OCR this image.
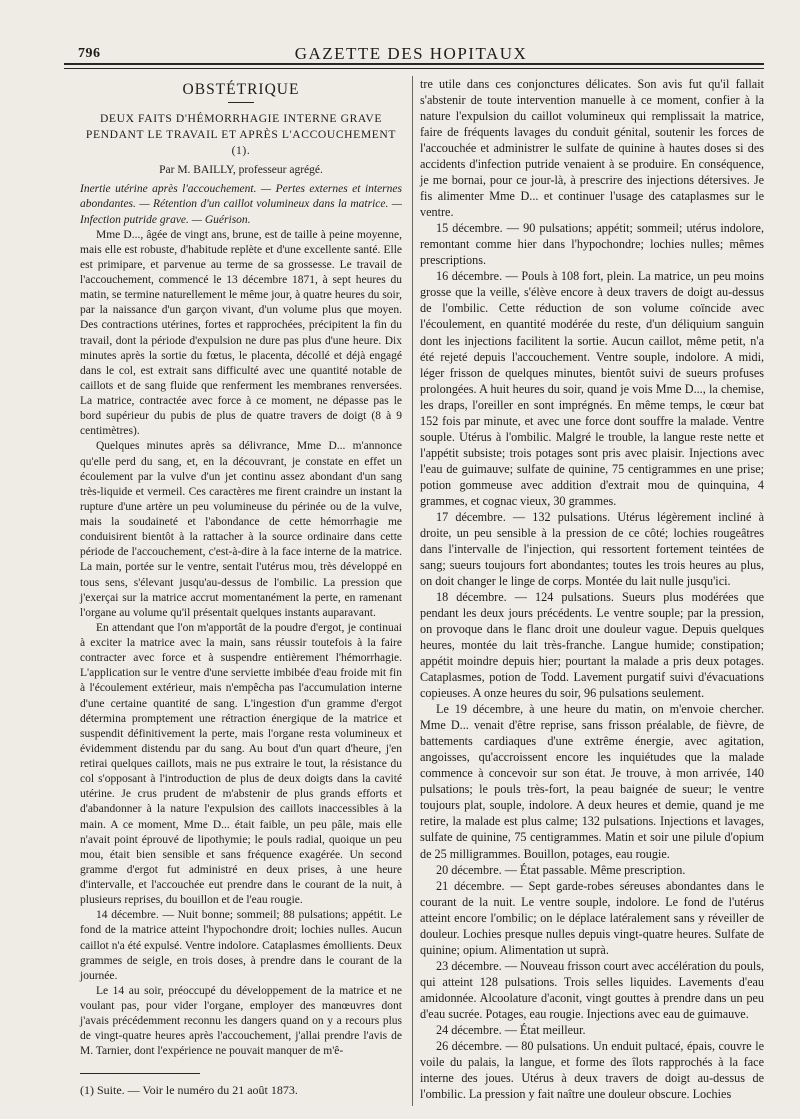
796	GAZETTE DES HOPITAUX
OBSTÉTRIQUE
DEUX FAITS D'HÉMORRHAGIE INTERNE GRAVE PENDANT LE TRAVAIL ET APRÈS L'ACCOUCHEMENT (1).
Par M. BAILLY, professeur agrégé.

Inertie utérine après l'accouchement. — Pertes externes et internes abondantes. — Rétention d'un caillot volumineux dans la matrice. — Infection putride grave. — Guérison.

Mme D..., âgée de vingt ans, brune, est de taille à peine moyenne, mais elle est robuste, d'habitude replète et d'une excellente santé. Elle est primipare, et parvenue au terme de sa grossesse. Le travail de l'accouchement, commencé le 13 décembre 1871, à sept heures du matin, se termine naturellement le même jour, à quatre heures du soir, par la naissance d'un garçon vivant, d'un volume plus que moyen. Des contractions utérines, fortes et rapprochées, précipitent la fin du travail, dont la période d'expulsion ne dure pas plus d'une heure. Dix minutes après la sortie du fœtus, le placenta, décollé et déjà engagé dans le col, est extrait sans difficulté avec une quantité notable de caillots et de sang fluide que renferment les membranes renversées. La matrice, contractée avec force à ce moment, ne dépasse pas le bord supérieur du pubis de plus de quatre travers de doigt (8 à 9 centimètres).

Quelques minutes après sa délivrance, Mme D... m'annonce qu'elle perd du sang, et, en la découvrant, je constate en effet un écoulement par la vulve d'un jet continu assez abondant d'un sang très-liquide et vermeil. Ces caractères me firent craindre un instant la rupture d'une artère un peu volumineuse du périnée ou de la vulve, mais la soudaineté et l'abondance de cette hémorrhagie me conduisirent bientôt à la rattacher à la source ordinaire dans cette période de l'accouchement, c'est-à-dire à la face interne de la matrice. La main, portée sur le ventre, sentait l'utérus mou, très développé en tous sens, s'élevant jusqu'au-dessus de l'ombilic. La pression que j'exerçai sur la matrice accrut momentanément la perte, en ramenant l'organe au volume qu'il présentait quelques instants auparavant.

En attendant que l'on m'apportât de la poudre d'ergot, je continuai à exciter la matrice avec la main, sans réussir toutefois à la faire contracter avec force et à suspendre entièrement l'hémorrhagie. L'application sur le ventre d'une serviette imbibée d'eau froide mit fin à l'écoulement extérieur, mais n'empêcha pas l'accumulation interne d'une certaine quantité de sang. L'ingestion d'un gramme d'ergot détermina promptement une rétraction énergique de la matrice et suspendit définitivement la perte, mais l'organe resta volumineux et évidemment distendu par du sang. Au bout d'un quart d'heure, j'en retirai quelques caillots, mais ne pus extraire le tout, la résistance du col s'opposant à l'introduction de plus de deux doigts dans la cavité utérine. Je crus prudent de m'abstenir de plus grands efforts et d'abandonner à la nature l'expulsion des caillots inaccessibles à la main. A ce moment, Mme D... était faible, un peu pâle, mais elle n'avait point éprouvé de lipothymie; le pouls radial, quoique un peu mou, était bien sensible et sans fréquence exagérée. Un second gramme d'ergot fut administré en deux prises, à une heure d'intervalle, et l'accouchée eut prendre dans le courant de la nuit, à plusieurs reprises, du bouillon et de l'eau rougie.

14 décembre. — Nuit bonne; sommeil; 88 pulsations; appétit. Le fond de la matrice atteint l'hypochondre droit; lochies nulles. Aucun caillot n'a été expulsé. Ventre indolore. Cataplasmes émollients. Deux grammes de seigle, en trois doses, à prendre dans le courant de la journée.

Le 14 au soir, préoccupé du développement de la matrice et ne voulant pas, pour vider l'organe, employer des manœuvres dont j'avais précédemment reconnu les dangers quand on y a recours plus de vingt-quatre heures après l'accouchement, j'allai prendre l'avis de M. Tarnier, dont l'expérience ne pouvait manquer de m'ê-

(1) Suite. — Voir le numéro du 21 août 1873.

tre utile dans ces conjonctures délicates. Son avis fut qu'il fallait s'abstenir de toute intervention manuelle à ce moment, confier à la nature l'expulsion du caillot volumineux qui remplissait la matrice, faire de fréquents lavages du conduit génital, soutenir les forces de l'accouchée et administrer le sulfate de quinine à hautes doses si des accidents d'infection putride venaient à se produire. En conséquence, je me bornai, pour ce jour-là, à prescrire des injections détersives. Je fis alimenter Mme D... et continuer l'usage des cataplasmes sur le ventre.

15 décembre. — 90 pulsations; appétit; sommeil; utérus indolore, remontant comme hier dans l'hypochondre; lochies nulles; mêmes prescriptions.

16 décembre. — Pouls à 108 fort, plein. La matrice, un peu moins grosse que la veille, s'élève encore à deux travers de doigt au-dessus de l'ombilic. Cette réduction de son volume coïncide avec l'écoulement, en quantité modérée du reste, d'un déliquium sanguin dont les injections facilitent la sortie. Aucun caillot, même petit, n'a été rejeté depuis l'accouchement. Ventre souple, indolore. A midi, léger frisson de quelques minutes, bientôt suivi de sueurs profuses prolongées. A huit heures du soir, quand je vois Mme D..., la chemise, les draps, l'oreiller en sont imprégnés. En même temps, le cœur bat 152 fois par minute, et avec une force dont souffre la malade. Ventre souple. Utérus à l'ombilic. Malgré le trouble, la langue reste nette et l'appétit subsiste; trois potages sont pris avec plaisir. Injections avec l'eau de guimauve; sulfate de quinine, 75 centigrammes en une prise; potion gommeuse avec addition d'extrait mou de quinquina, 4 grammes, et cognac vieux, 30 grammes.

17 décembre. — 132 pulsations. Utérus légèrement incliné à droite, un peu sensible à la pression de ce côté; lochies rougeâtres dans l'intervalle de l'injection, qui ressortent fortement teintées de sang; sueurs toujours fort abondantes; toutes les trois heures au plus, on doit changer le linge de corps. Montée du lait nulle jusqu'ici.

18 décembre. — 124 pulsations. Sueurs plus modérées que pendant les deux jours précédents. Le ventre souple; par la pression, on provoque dans le flanc droit une douleur vague. Depuis quelques heures, montée du lait très-franche. Langue humide; constipation; appétit moindre depuis hier; pourtant la malade a pris deux potages. Cataplasmes, potion de Todd. Lavement purgatif suivi d'évacuations copieuses. A onze heures du soir, 96 pulsations seulement.

Le 19 décembre, à une heure du matin, on m'envoie chercher. Mme D... venait d'être reprise, sans frisson préalable, de fièvre, de battements cardiaques d'une extrême énergie, avec agitation, angoisses, qu'accroissent encore les inquiétudes que la malade commence à concevoir sur son état. Je trouve, à mon arrivée, 140 pulsations; le pouls très-fort, la peau baignée de sueur; le ventre toujours plat, souple, indolore. A deux heures et demie, quand je me retire, la malade est plus calme; 132 pulsations. Injections et lavages, sulfate de quinine, 75 centigrammes. Matin et soir une pilule d'opium de 25 milligrammes. Bouillon, potages, eau rougie.

20 décembre. — État passable. Même prescription.

21 décembre. — Sept garde-robes séreuses abondantes dans le courant de la nuit. Le ventre souple, indolore. Le fond de l'utérus atteint encore l'ombilic; on le déplace latéralement sans y réveiller de douleur. Lochies presque nulles depuis vingt-quatre heures. Sulfate de quinine; opium. Alimentation ut suprà.

23 décembre. — Nouveau frisson court avec accélération du pouls, qui atteint 128 pulsations. Trois selles liquides. Lavements d'eau amidonnée. Alcoolature d'aconit, vingt gouttes à prendre dans un peu d'eau sucrée. Potages, eau rougie. Injections avec eau de guimauve.

24 décembre. — État meilleur.

26 décembre. — 80 pulsations. Un enduit pultacé, épais, couvre le voile du palais, la langue, et forme des îlots rapprochés à la face interne des joues. Utérus à deux travers de doigt au-dessus de l'ombilic. La pression y fait naître une douleur obscure. Lochies
